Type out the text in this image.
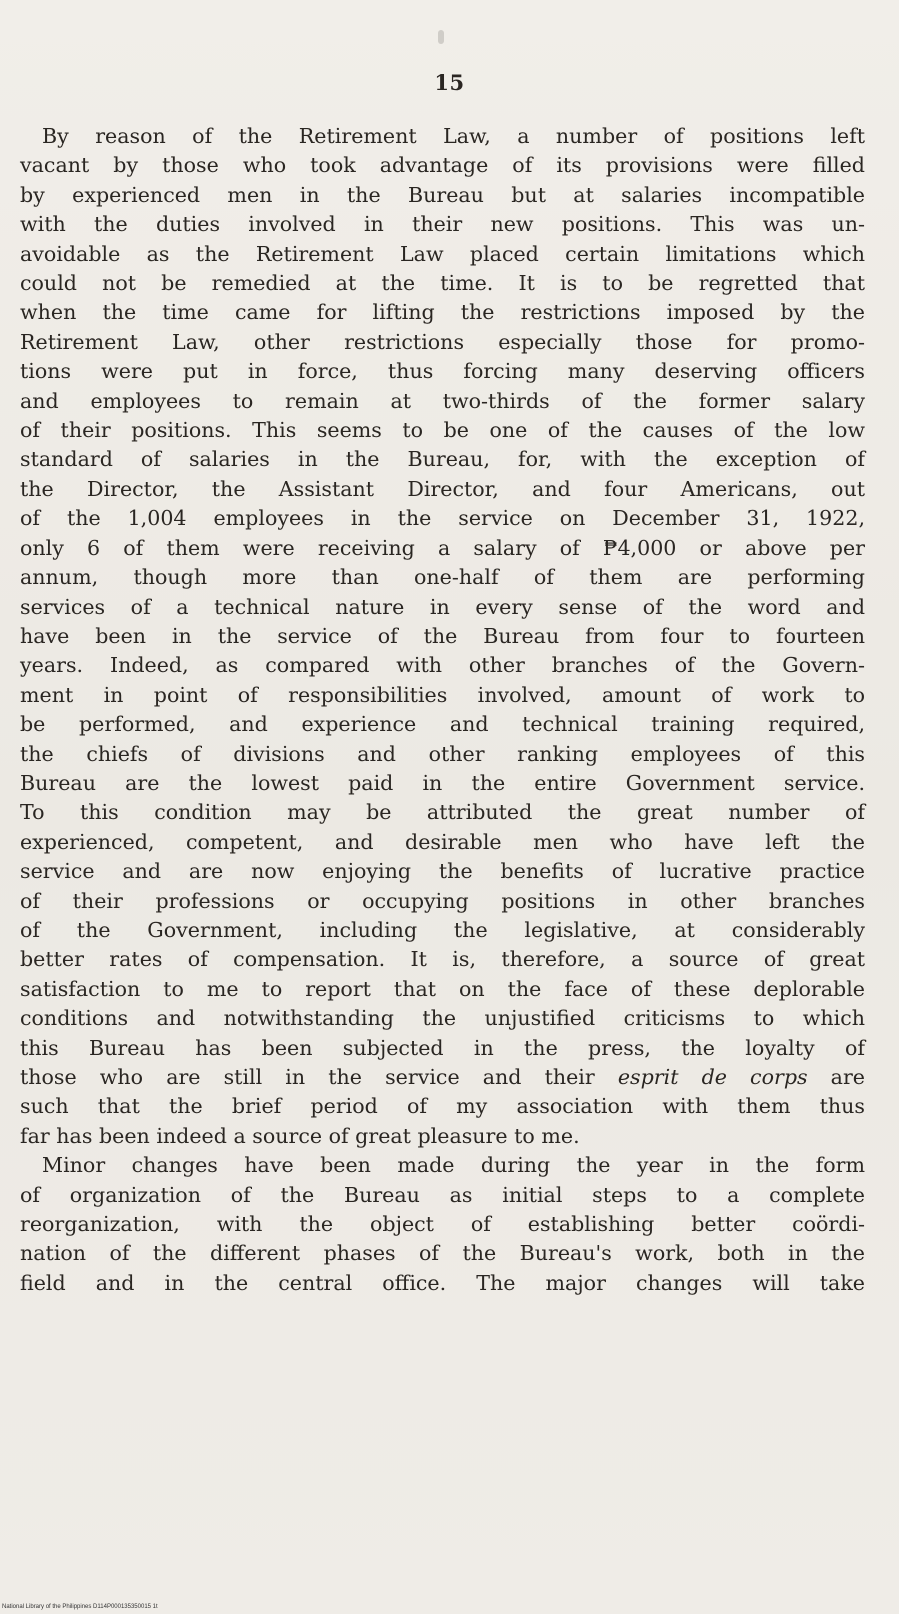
15
By reason of the Retirement Law, a number of positions left
vacant by those who took advantage of its provisions were filled
by experienced men in the Bureau but at salaries incompatible
with the duties involved in their new positions. This was un-
avoidable as the Retirement Law placed certain limitations which
could not be remedied at the time. It is to be regretted that
when the time came for lifting the restrictions imposed by the
Retirement Law, other restrictions especially those for promo-
tions were put in force, thus forcing many deserving officers
and employees to remain at two-thirds of the former salary
of their positions. This seems to be one of the causes of the low
standard of salaries in the Bureau, for, with the exception of
the Director, the Assistant Director, and four Americans, out
of the 1,004 employees in the service on December 31, 1922,
only 6 of them were receiving a salary of ₱4,000 or above per
annum, though more than one-half of them are performing
services of a technical nature in every sense of the word and
have been in the service of the Bureau from four to fourteen
years. Indeed, as compared with other branches of the Govern-
ment in point of responsibilities involved, amount of work to
be performed, and experience and technical training required,
the chiefs of divisions and other ranking employees of this
Bureau are the lowest paid in the entire Government service.
To this condition may be attributed the great number of
experienced, competent, and desirable men who have left the
service and are now enjoying the benefits of lucrative practice
of their professions or occupying positions in other branches
of the Government, including the legislative, at considerably
better rates of compensation. It is, therefore, a source of great
satisfaction to me to report that on the face of these deplorable
conditions and notwithstanding the unjustified criticisms to which
this Bureau has been subjected in the press, the loyalty of
those who are still in the service and their esprit de corps are
such that the brief period of my association with them thus
far has been indeed a source of great pleasure to me.
Minor changes have been made during the year in the form
of organization of the Bureau as initial steps to a complete
reorganization, with the object of establishing better coördi-
nation of the different phases of the Bureau's work, both in the
field and in the central office. The major changes will take
National Library of the Philippines D114P000135350015 1t
